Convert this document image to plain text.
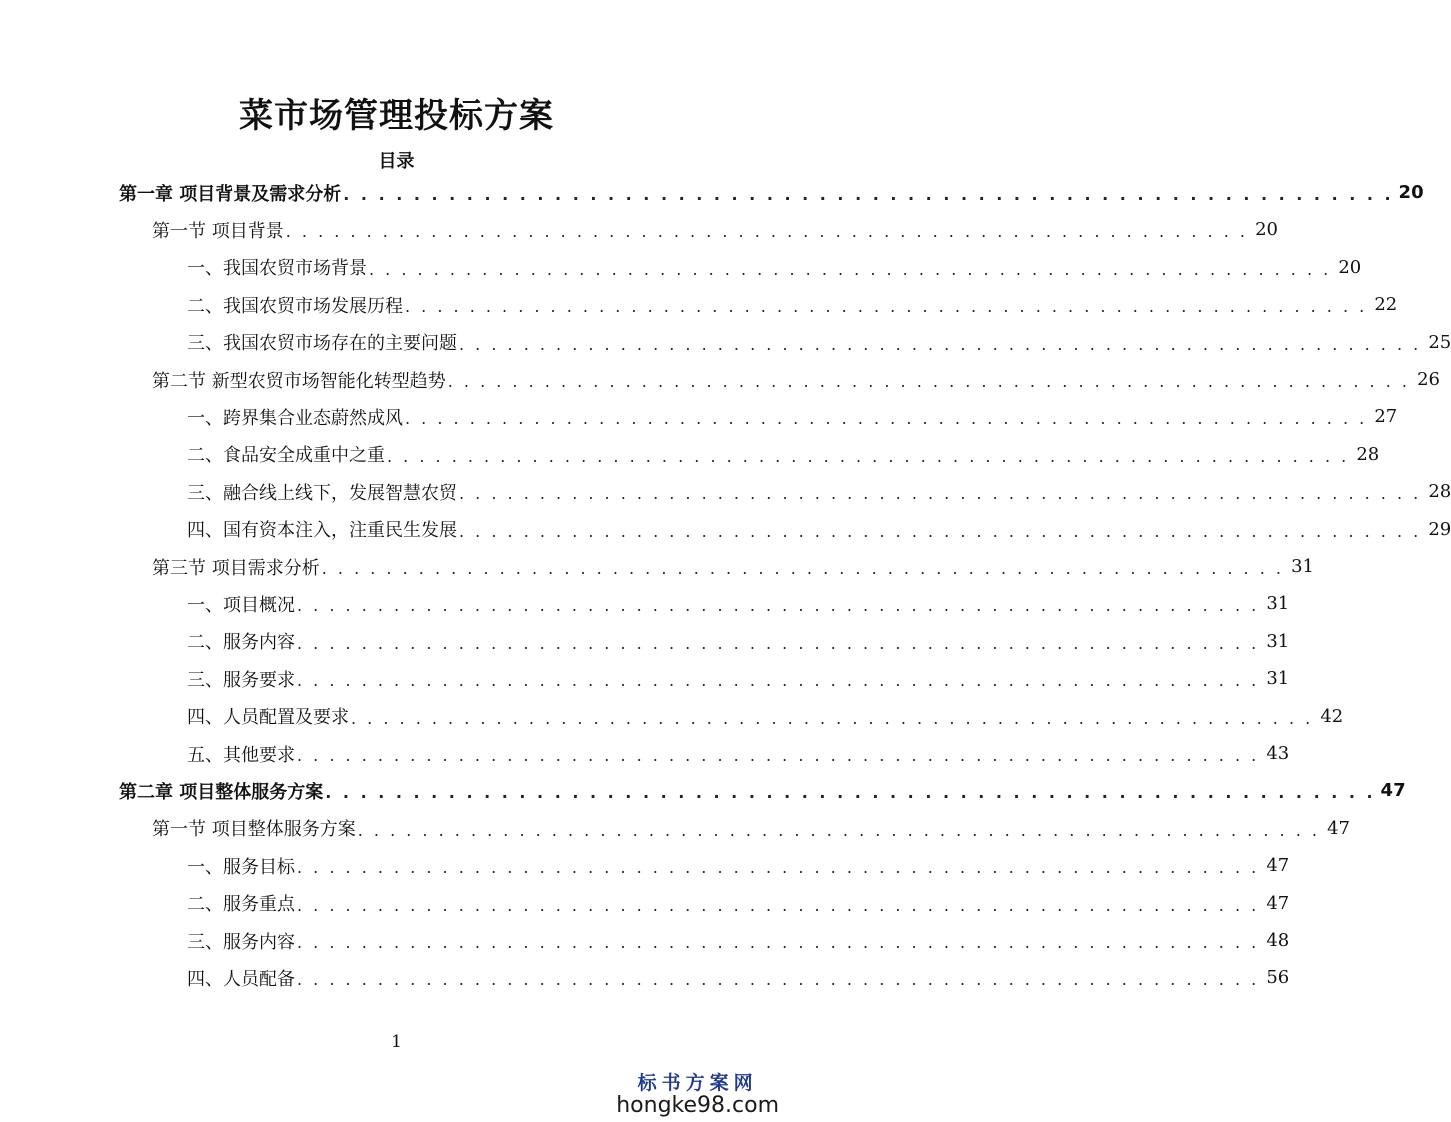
菜市场管理投标方案
目录
第一章 项目背景及需求分析 . . . . . . . . . . . . . . . . . . . . . . . . . . . . . . . . . . . . . . . . . . . . . . . . . . . . . . . . . . . . 20
第一节 项目背景 . . . . . . . . . . . . . . . . . . . . . . . . . . . . . . . . . . . . . . . . . . . . . . . . . . . . . . . . . . . . 20
一、我国农贸市场背景 . . . . . . . . . . . . . . . . . . . . . . . . . . . . . . . . . . . . . . . . . . . . . . . . . . . . . . . . . . . . 20
二、我国农贸市场发展历程 . . . . . . . . . . . . . . . . . . . . . . . . . . . . . . . . . . . . . . . . . . . . . . . . . . . . . . . . . . . . 22
三、我国农贸市场存在的主要问题 . . . . . . . . . . . . . . . . . . . . . . . . . . . . . . . . . . . . . . . . . . . . . . . . . . . . . . . . . . . . 25
第二节 新型农贸市场智能化转型趋势 . . . . . . . . . . . . . . . . . . . . . . . . . . . . . . . . . . . . . . . . . . . . . . . . . . . . . . . . . . . . 26
一、跨界集合业态蔚然成风 . . . . . . . . . . . . . . . . . . . . . . . . . . . . . . . . . . . . . . . . . . . . . . . . . . . . . . . . . . . . 27
二、食品安全成重中之重 . . . . . . . . . . . . . . . . . . . . . . . . . . . . . . . . . . . . . . . . . . . . . . . . . . . . . . . . . . . . 28
三、融合线上线下，发展智慧农贸 . . . . . . . . . . . . . . . . . . . . . . . . . . . . . . . . . . . . . . . . . . . . . . . . . . . . . . . . . . . . 28
四、国有资本注入，注重民生发展 . . . . . . . . . . . . . . . . . . . . . . . . . . . . . . . . . . . . . . . . . . . . . . . . . . . . . . . . . . . . 29
第三节 项目需求分析 . . . . . . . . . . . . . . . . . . . . . . . . . . . . . . . . . . . . . . . . . . . . . . . . . . . . . . . . . . . . 31
一、项目概况 . . . . . . . . . . . . . . . . . . . . . . . . . . . . . . . . . . . . . . . . . . . . . . . . . . . . . . . . . . . . 31
二、服务内容 . . . . . . . . . . . . . . . . . . . . . . . . . . . . . . . . . . . . . . . . . . . . . . . . . . . . . . . . . . . . 31
三、服务要求 . . . . . . . . . . . . . . . . . . . . . . . . . . . . . . . . . . . . . . . . . . . . . . . . . . . . . . . . . . . . 31
四、人员配置及要求 . . . . . . . . . . . . . . . . . . . . . . . . . . . . . . . . . . . . . . . . . . . . . . . . . . . . . . . . . . . . 42
五、其他要求 . . . . . . . . . . . . . . . . . . . . . . . . . . . . . . . . . . . . . . . . . . . . . . . . . . . . . . . . . . . . 43
第二章 项目整体服务方案 . . . . . . . . . . . . . . . . . . . . . . . . . . . . . . . . . . . . . . . . . . . . . . . . . . . . . . . . . . . . 47
第一节 项目整体服务方案 . . . . . . . . . . . . . . . . . . . . . . . . . . . . . . . . . . . . . . . . . . . . . . . . . . . . . . . . . . . . 47
一、服务目标 . . . . . . . . . . . . . . . . . . . . . . . . . . . . . . . . . . . . . . . . . . . . . . . . . . . . . . . . . . . . 47
二、服务重点 . . . . . . . . . . . . . . . . . . . . . . . . . . . . . . . . . . . . . . . . . . . . . . . . . . . . . . . . . . . . 47
三、服务内容 . . . . . . . . . . . . . . . . . . . . . . . . . . . . . . . . . . . . . . . . . . . . . . . . . . . . . . . . . . . . 48
四、人员配备 . . . . . . . . . . . . . . . . . . . . . . . . . . . . . . . . . . . . . . . . . . . . . . . . . . . . . . . . . . . . 56
1
标书方案网
hongke98.com
